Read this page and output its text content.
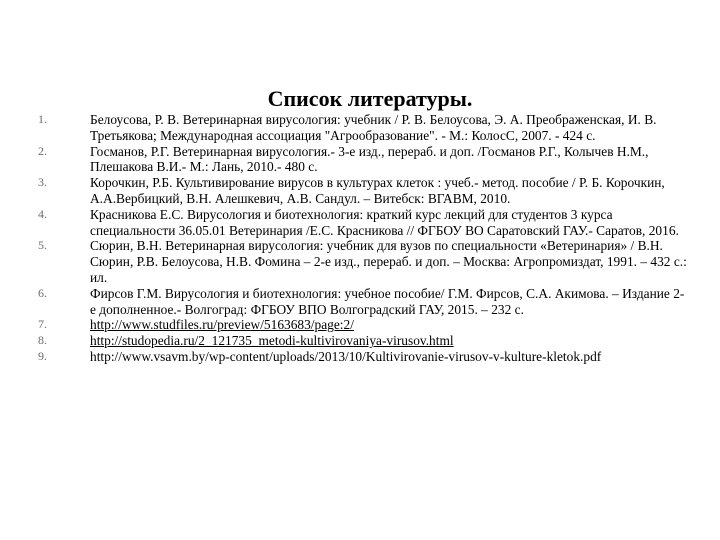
Список литературы.
1.	Белоусова, Р. В. Ветеринарная вирусология: учебник / Р. В. Белоусова, Э. А. Преображенская, И. В. Третьякова; Международная ассоциация "Агрообразование". - М.: КолосС, 2007. - 424 с.
2.	Госманов, Р.Г. Ветеринарная вирусология.- 3-е изд., перераб. и доп. /Госманов Р.Г., Колычев Н.М., Плешакова В.И.- М.: Лань, 2010.- 480 с.
3.	Корочкин, Р.Б. Культивирование вирусов в культурах клеток : учеб.- метод. пособие / Р. Б. Корочкин, А.А.Вербицкий, В.Н. Алешкевич, А.В. Сандул. – Витебск: ВГАВМ, 2010.
4.	Красникова Е.С. Вирусология и биотехнология: краткий курс лекций для студентов 3 курса специальности 36.05.01 Ветеринария /Е.С. Красникова // ФГБОУ ВО Саратовский ГАУ.- Саратов, 2016.
5.	Сюрин, В.Н. Ветеринарная вирусология: учебник для вузов по специальности «Ветеринария» / В.Н. Сюрин, Р.В. Белоусова, Н.В. Фомина – 2-е изд., перераб. и доп. – Москва: Агропромиздат, 1991. – 432 с.: ил.
6.	Фирсов Г.М. Вирусология и биотехнология: учебное пособие/ Г.М. Фирсов, С.А. Акимова. – Издание 2-е дополненное.- Волгоград: ФГБОУ ВПО Волгоградский ГАУ, 2015. – 232 с.
7.	http://www.studfiles.ru/preview/5163683/page:2/
8.	http://studopedia.ru/2_121735_metodi-kultivirovaniya-virusov.html
9.	http://www.vsavm.by/wp-content/uploads/2013/10/Kultivirovanie-virusov-v-kulture-kletok.pdf
